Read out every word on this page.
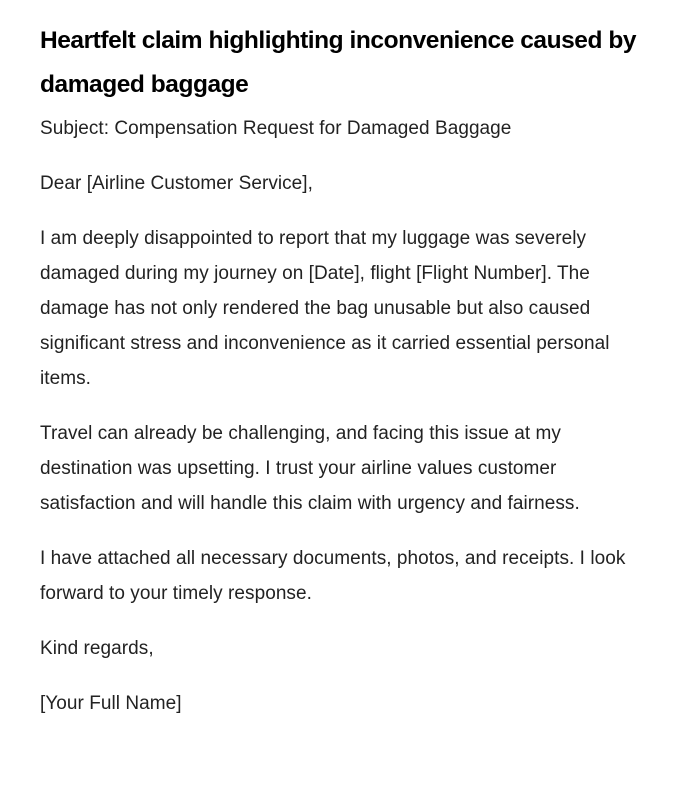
Heartfelt claim highlighting inconvenience caused by damaged baggage

Subject: Compensation Request for Damaged Baggage

Dear [Airline Customer Service],

I am deeply disappointed to report that my luggage was severely damaged during my journey on [Date], flight [Flight Number]. The damage has not only rendered the bag unusable but also caused significant stress and inconvenience as it carried essential personal items.

Travel can already be challenging, and facing this issue at my destination was upsetting. I trust your airline values customer satisfaction and will handle this claim with urgency and fairness.

I have attached all necessary documents, photos, and receipts. I look forward to your timely response.

Kind regards,

[Your Full Name]
